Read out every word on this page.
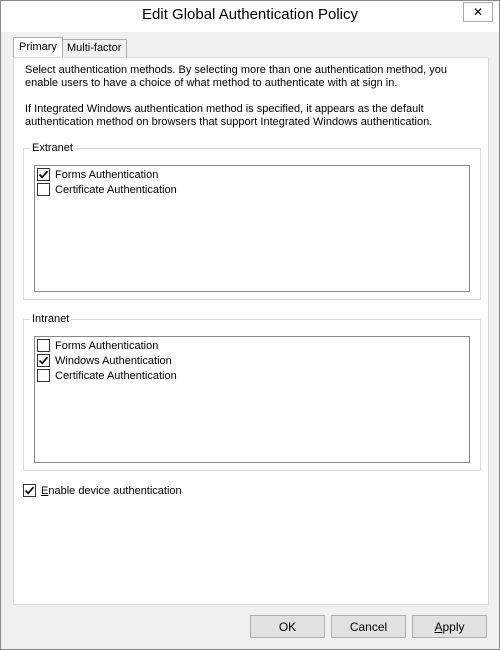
Edit Global Authentication Policy	✕
Primary Multi-factor

Select authentication methods. By selecting more than one authentication method, you enable users to have a choice of what method to authenticate with at sign in.

If Integrated Windows authentication method is specified, it appears as the default authentication method on browsers that support Integrated Windows authentication.

Extranet
Forms Authentication
Certificate Authentication
Intranet
Forms Authentication
Windows Authentication
Certificate Authentication
Enable device authentication
OK	Cancel	Apply
